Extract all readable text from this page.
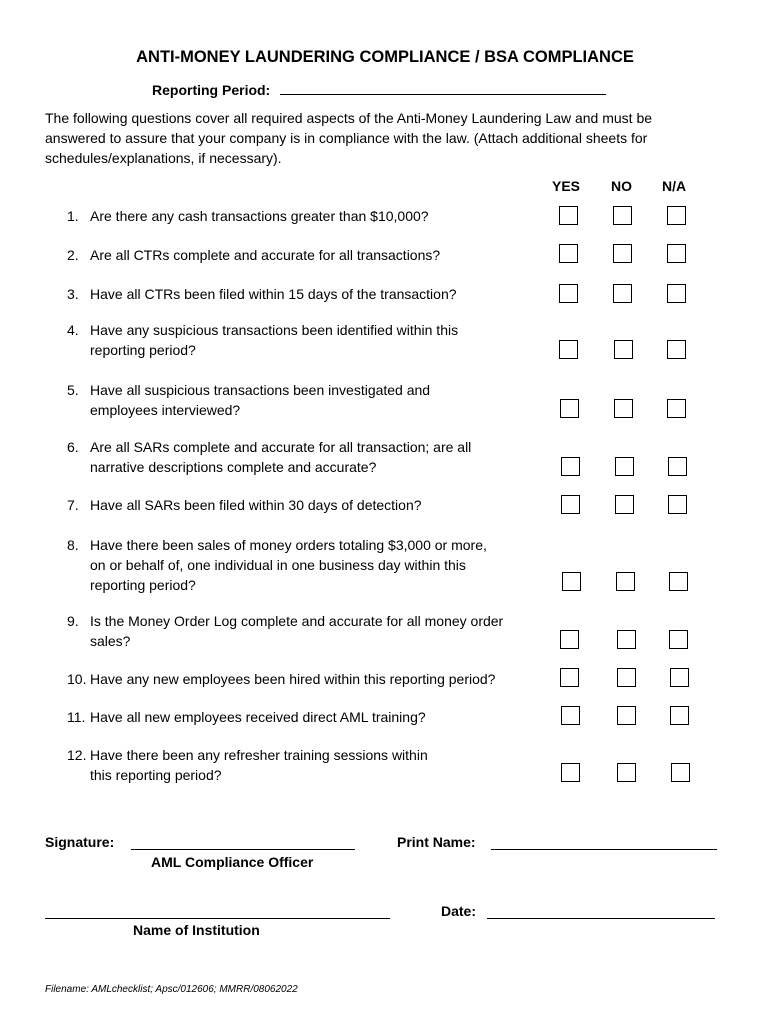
ANTI-MONEY LAUNDERING COMPLIANCE / BSA COMPLIANCE
Reporting Period:
The following questions cover all required aspects of the Anti-Money Laundering Law and must be
answered to assure that your company is in compliance with the law. (Attach additional sheets for
schedules/explanations, if necessary).
YES NO N/A
1. Are there any cash transactions greater than $10,000?
2. Are all CTRs complete and accurate for all transactions?
3. Have all CTRs been filed within 15 days of the transaction?
4. Have any suspicious transactions been identified within this
reporting period?
5. Have all suspicious transactions been investigated and
employees interviewed?
6. Are all SARs complete and accurate for all transaction; are all
narrative descriptions complete and accurate?
7. Have all SARs been filed within 30 days of detection?
8. Have there been sales of money orders totaling $3,000 or more,
on or behalf of, one individual in one business day within this
reporting period?
9. Is the Money Order Log complete and accurate for all money order
sales?
10. Have any new employees been hired within this reporting period?
11. Have all new employees received direct AML training?
12. Have there been any refresher training sessions within
this reporting period?
Signature:
AML Compliance Officer
Print Name:
Name of Institution
Date:
Filename: AMLchecklist; Apsc/012606; MMRR/08062022
